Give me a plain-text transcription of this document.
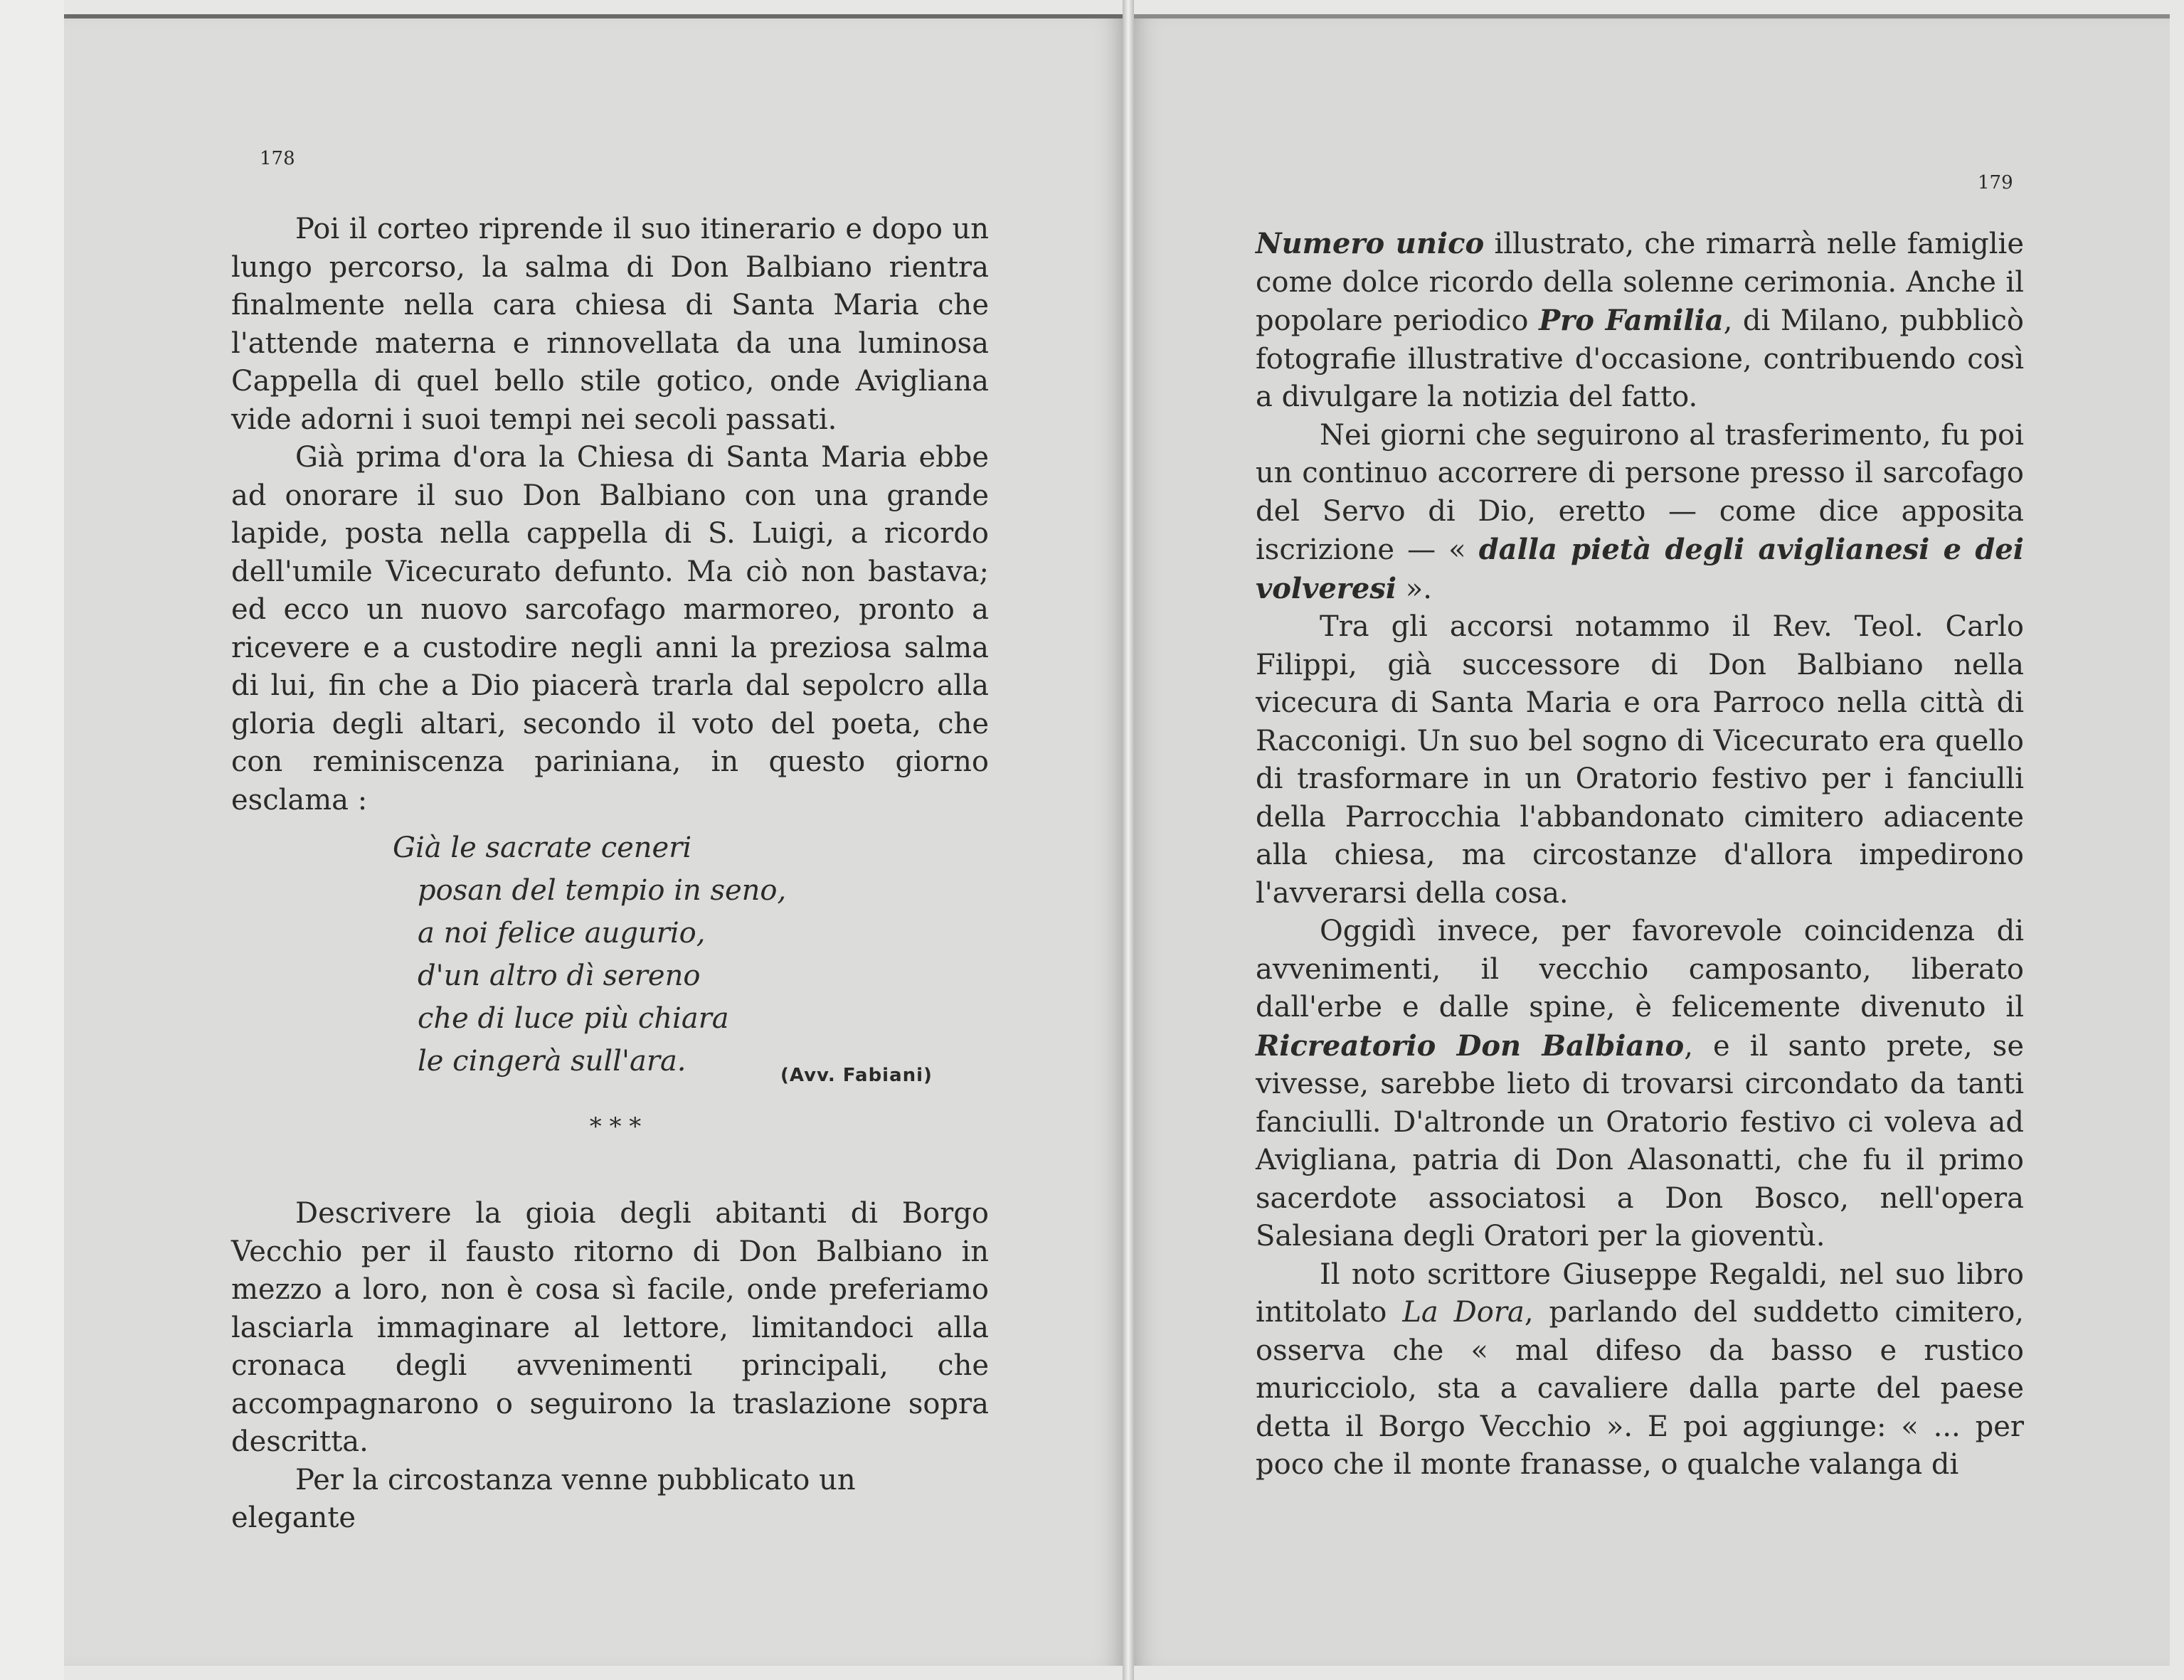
178

Poi il corteo riprende il suo itinerario e dopo un lungo percorso, la salma di Don Balbiano rientra finalmente nella cara chiesa di Santa Maria che l'attende materna e rinnovellata da una luminosa Cappella di quel bello stile gotico, onde Avigliana vide adorni i suoi tempi nei secoli passati.

Già prima d'ora la Chiesa di Santa Maria ebbe ad onorare il suo Don Balbiano con una grande lapide, posta nella cappella di S. Luigi, a ricordo dell'umile Vicecurato defunto. Ma ciò non bastava; ed ecco un nuovo sarcofago marmoreo, pronto a ricevere e a custodire negli anni la preziosa salma di lui, fin che a Dio piacerà trarla dal sepolcro alla gloria degli altari, secondo il voto del poeta, che con reminiscenza pariniana, in questo giorno esclama :

Già le sacrate ceneri
posan del tempio in seno,
a noi felice augurio,
d'un altro dì sereno
che di luce più chiara
le cingerà sull'ara.	(Avv. Fabiani)
* * *

Descrivere la gioia degli abitanti di Borgo Vecchio per il fausto ritorno di Don Balbiano in mezzo a loro, non è cosa sì facile, onde preferiamo lasciarla immaginare al lettore, limitandoci alla cronaca degli avvenimenti principali, che accompagnarono o seguirono la traslazione sopra descritta.

Per la circostanza venne pubblicato un elegante

179

Numero unico illustrato, che rimarrà nelle famiglie come dolce ricordo della solenne cerimonia. Anche il popolare periodico Pro Familia, di Milano, pubblicò fotografie illustrative d'occasione, contribuendo così a divulgare la notizia del fatto.

Nei giorni che seguirono al trasferimento, fu poi un continuo accorrere di persone presso il sarcofago del Servo di Dio, eretto — come dice apposita iscrizione — « dalla pietà degli aviglianesi e dei volveresi ».

Tra gli accorsi notammo il Rev. Teol. Carlo Filippi, già successore di Don Balbiano nella vicecura di Santa Maria e ora Parroco nella città di Racconigi. Un suo bel sogno di Vicecurato era quello di trasformare in un Oratorio festivo per i fanciulli della Parrocchia l'abbandonato cimitero adiacente alla chiesa, ma circostanze d'allora impedirono l'avverarsi della cosa.

Oggidì invece, per favorevole coincidenza di avvenimenti, il vecchio camposanto, liberato dall'erbe e dalle spine, è felicemente divenuto il Ricreatorio Don Balbiano, e il santo prete, se vivesse, sarebbe lieto di trovarsi circondato da tanti fanciulli. D'altronde un Oratorio festivo ci voleva ad Avigliana, patria di Don Alasonatti, che fu il primo sacerdote associatosi a Don Bosco, nell'opera Salesiana degli Oratori per la gioventù.

Il noto scrittore Giuseppe Regaldi, nel suo libro intitolato La Dora, parlando del suddetto cimitero, osserva che « mal difeso da basso e rustico muricciolo, sta a cavaliere dalla parte del paese detta il Borgo Vecchio ». E poi aggiunge: « ... per poco che il monte franasse, o qualche valanga di
